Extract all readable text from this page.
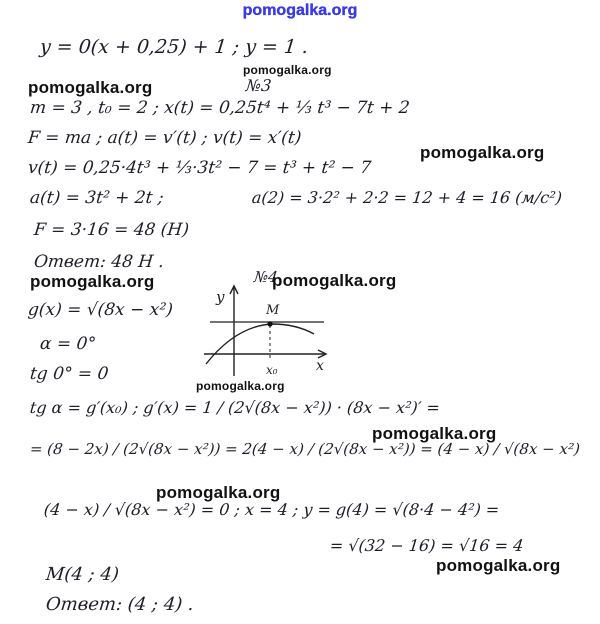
pomogalka.org
y = 0(x + 0,25) + 1 ; y = 1 .
№3
m = 3 , t₀ = 2 ; x(t) = 0,25t⁴ + ⅓ t³ − 7t + 2
F = ma ; a(t) = v′(t) ; v(t) = x′(t)
v(t) = 0,25·4t³ + ⅓·3t² − 7 = t³ + t² − 7
a(t) = 3t² + 2t ;	a(2) = 3·2² + 2·2 = 12 + 4 = 16 (м/с²)
F = 3·16 = 48 (H)
Ответ: 48 H .
№4
g(x) = √(8x − x²)
α = 0°
tg 0° = 0
tg α = g′(x₀) ; g′(x) = 1 / (2√(8x − x²)) · (8x − x²)′ =
= (8 − 2x) / (2√(8x − x²)) = 2(4 − x) / (2√(8x − x²)) = (4 − x) / √(8x − x²)
(4 − x) / √(8x − x²) = 0 ; x = 4 ; y = g(4) = √(8·4 − 4²) =
= √(32 − 16) = √16 = 4
M(4 ; 4)
Ответ: (4 ; 4) .
y
x
M
x₀
pomogalka.org
pomogalka.org
pomogalka.org
pomogalka.org	pomogalka.org
pomogalka.org
pomogalka.org
pomogalka.org
pomogalka.org
